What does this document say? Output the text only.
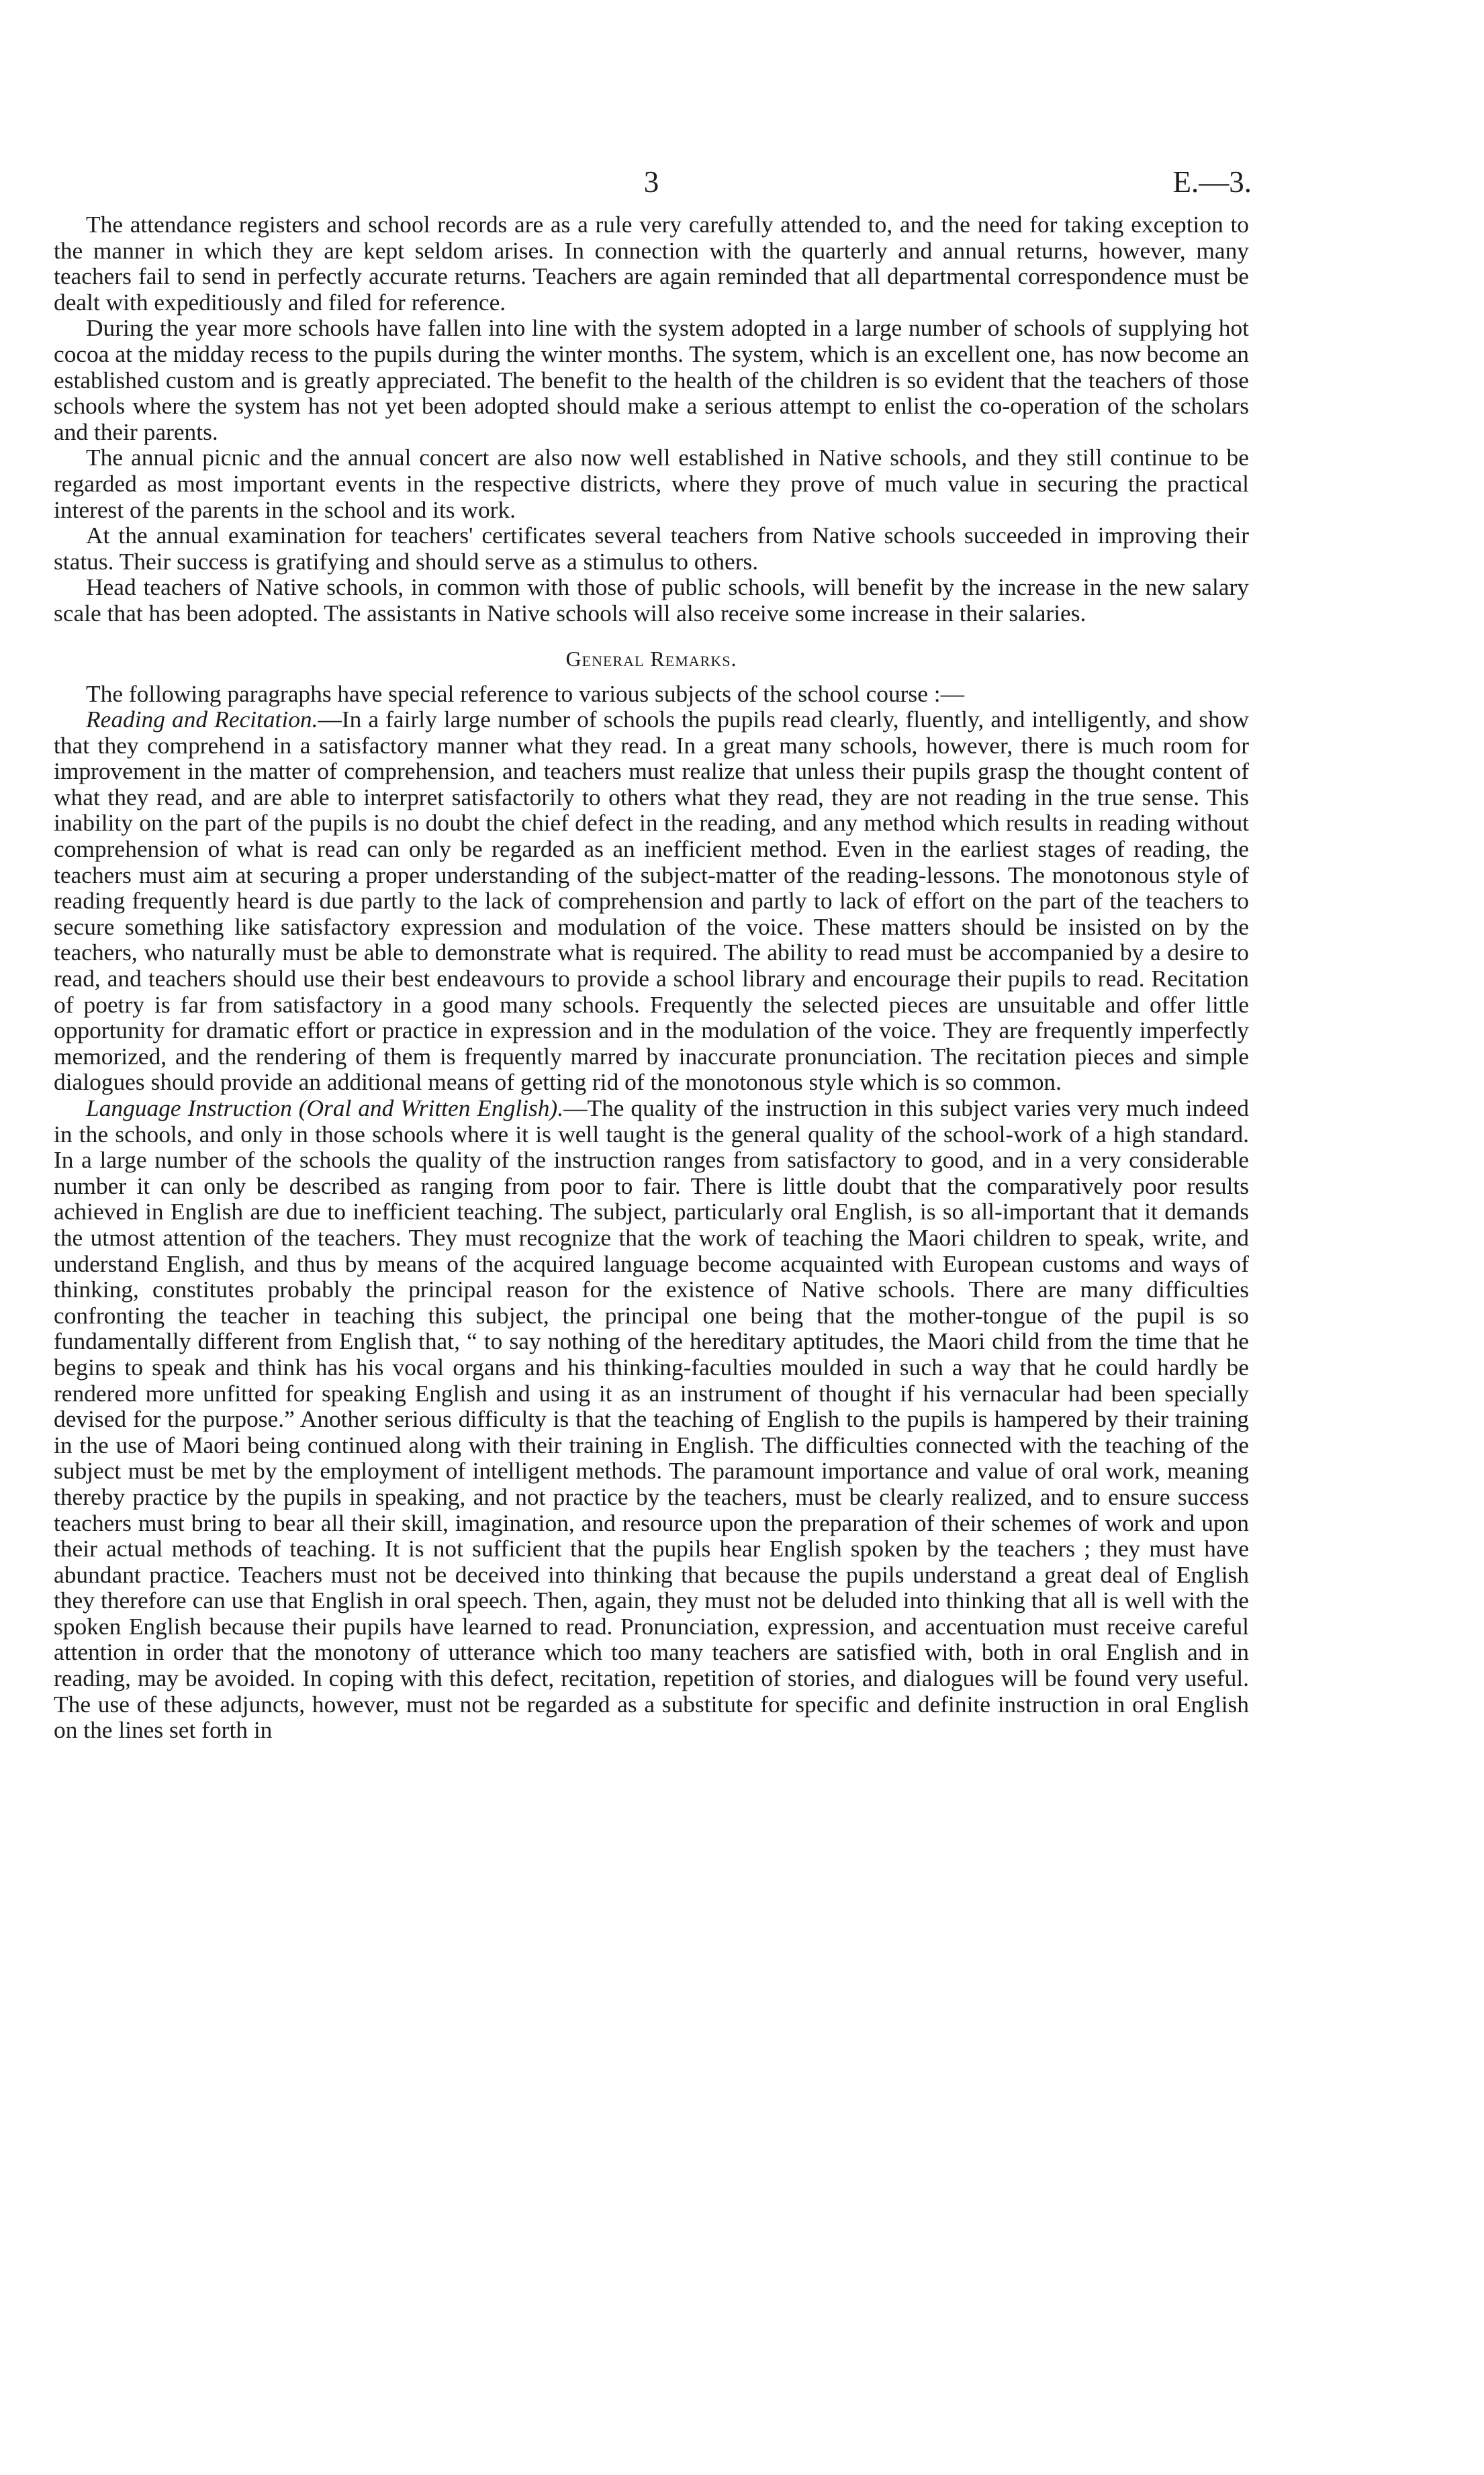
3	E.—3.

The attendance registers and school records are as a rule very carefully attended to, and the need for taking exception to the manner in which they are kept seldom arises. In connection with the quarterly and annual returns, however, many teachers fail to send in perfectly accurate returns. Teachers are again reminded that all departmental correspondence must be dealt with expeditiously and filed for reference.

During the year more schools have fallen into line with the system adopted in a large number of schools of supplying hot cocoa at the midday recess to the pupils during the winter months. The system, which is an excellent one, has now become an established custom and is greatly appreciated. The benefit to the health of the children is so evident that the teachers of those schools where the system has not yet been adopted should make a serious attempt to enlist the co-operation of the scholars and their parents.

The annual picnic and the annual concert are also now well established in Native schools, and they still continue to be regarded as most important events in the respective districts, where they prove of much value in securing the practical interest of the parents in the school and its work.

At the annual examination for teachers' certificates several teachers from Native schools succeeded in improving their status. Their success is gratifying and should serve as a stimulus to others.

Head teachers of Native schools, in common with those of public schools, will benefit by the increase in the new salary scale that has been adopted. The assistants in Native schools will also receive some increase in their salaries.

General Remarks.

The following paragraphs have special reference to various subjects of the school course :—

Reading and Recitation.—In a fairly large number of schools the pupils read clearly, fluently, and intelligently, and show that they comprehend in a satisfactory manner what they read. In a great many schools, however, there is much room for improvement in the matter of comprehension, and teachers must realize that unless their pupils grasp the thought content of what they read, and are able to interpret satisfactorily to others what they read, they are not reading in the true sense. This inability on the part of the pupils is no doubt the chief defect in the reading, and any method which results in reading without comprehension of what is read can only be regarded as an inefficient method. Even in the earliest stages of reading, the teachers must aim at securing a proper understanding of the subject-matter of the reading-lessons. The monotonous style of reading frequently heard is due partly to the lack of comprehension and partly to lack of effort on the part of the teachers to secure something like satisfactory expression and modulation of the voice. These matters should be insisted on by the teachers, who naturally must be able to demonstrate what is required. The ability to read must be accompanied by a desire to read, and teachers should use their best endeavours to provide a school library and encourage their pupils to read. Recitation of poetry is far from satisfactory in a good many schools. Frequently the selected pieces are unsuitable and offer little opportunity for dramatic effort or practice in expression and in the modulation of the voice. They are frequently imperfectly memorized, and the rendering of them is frequently marred by inaccurate pronunciation. The recitation pieces and simple dialogues should provide an additional means of getting rid of the monotonous style which is so common.

Language Instruction (Oral and Written English).—The quality of the instruction in this subject varies very much indeed in the schools, and only in those schools where it is well taught is the general quality of the school-work of a high standard. In a large number of the schools the quality of the instruction ranges from satisfactory to good, and in a very considerable number it can only be described as ranging from poor to fair. There is little doubt that the comparatively poor results achieved in English are due to inefficient teaching. The subject, particularly oral English, is so all-important that it demands the utmost attention of the teachers. They must recognize that the work of teaching the Maori children to speak, write, and understand English, and thus by means of the acquired language become acquainted with European customs and ways of thinking, constitutes probably the principal reason for the existence of Native schools. There are many difficulties confronting the teacher in teaching this subject, the principal one being that the mother-tongue of the pupil is so fundamentally different from English that, “ to say nothing of the hereditary aptitudes, the Maori child from the time that he begins to speak and think has his vocal organs and his thinking-faculties moulded in such a way that he could hardly be rendered more unfitted for speaking English and using it as an instrument of thought if his vernacular had been specially devised for the purpose.” Another serious difficulty is that the teaching of English to the pupils is hampered by their training in the use of Maori being continued along with their training in English. The difficulties connected with the teaching of the subject must be met by the employment of intelligent methods. The paramount importance and value of oral work, meaning thereby practice by the pupils in speaking, and not practice by the teachers, must be clearly realized, and to ensure success teachers must bring to bear all their skill, imagination, and resource upon the preparation of their schemes of work and upon their actual methods of teaching. It is not sufficient that the pupils hear English spoken by the teachers ; they must have abundant practice. Teachers must not be deceived into thinking that because the pupils understand a great deal of English they therefore can use that English in oral speech. Then, again, they must not be deluded into thinking that all is well with the spoken English because their pupils have learned to read. Pronunciation, expression, and accentuation must receive careful attention in order that the monotony of utterance which too many teachers are satisfied with, both in oral English and in reading, may be avoided. In coping with this defect, recitation, repetition of stories, and dialogues will be found very useful. The use of these adjuncts, however, must not be regarded as a substitute for specific and definite instruction in oral English on the lines set forth in
